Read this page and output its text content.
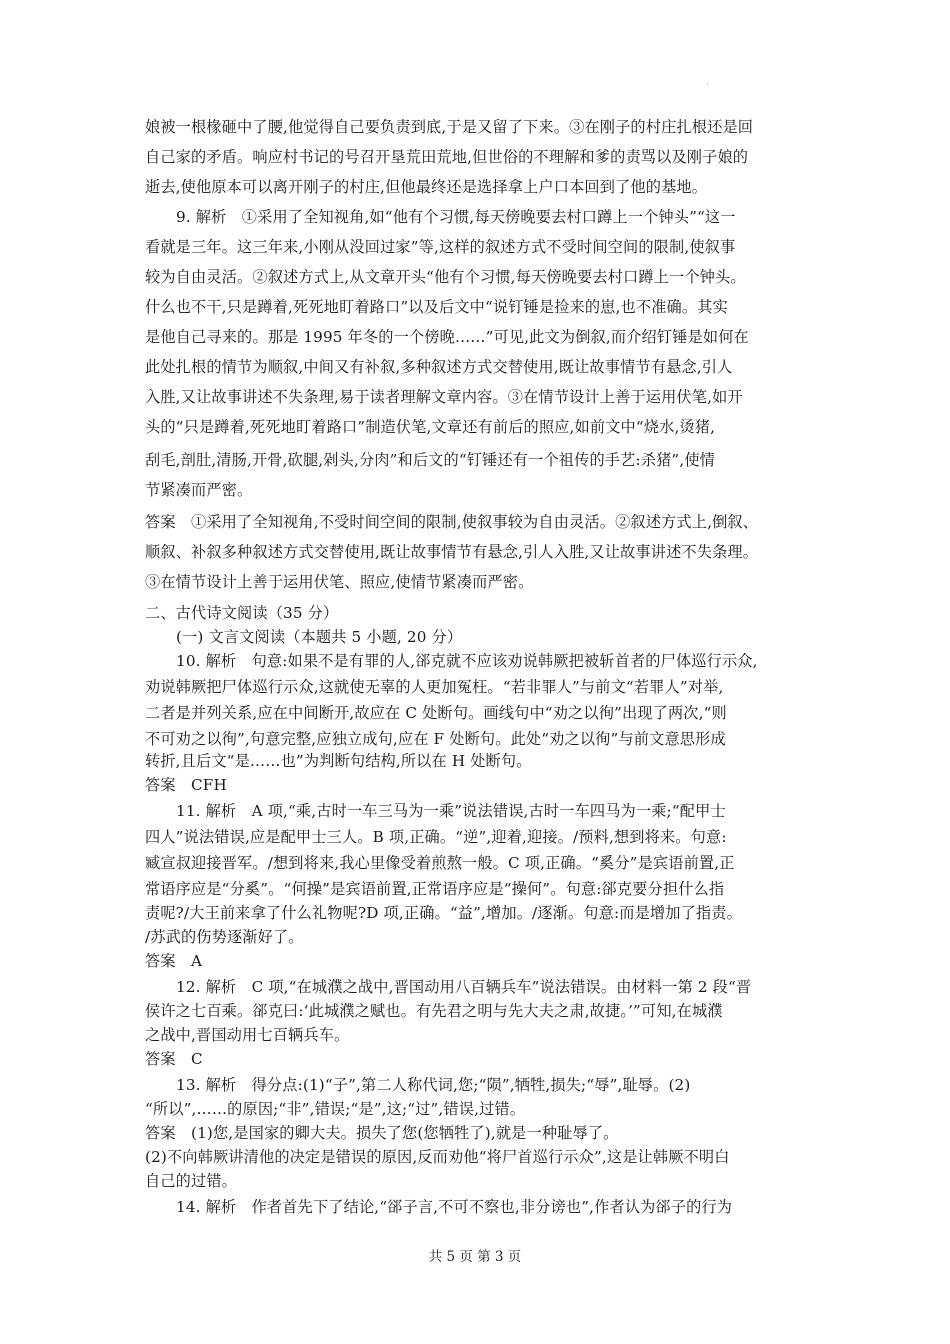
·
娘被一根椽砸中了腰,他觉得自己要负责到底,于是又留了下来。③在刚子的村庄扎根还是回
自己家的矛盾。响应村书记的号召开垦荒田荒地,但世俗的不理解和爹的责骂以及刚子娘的
逝去,使他原本可以离开刚子的村庄,但他最终还是选择拿上户口本回到了他的基地。
9. 解析　①采用了全知视角,如“他有个习惯,每天傍晚要去村口蹲上一个钟头”“这一
看就是三年。这三年来,小刚从没回过家”等,这样的叙述方式不受时间空间的限制,使叙事
较为自由灵活。②叙述方式上,从文章开头“他有个习惯,每天傍晚要去村口蹲上一个钟头。
什么也不干,只是蹲着,死死地盯着路口”以及后文中“说钉锤是捡来的崽,也不准确。其实
是他自己寻来的。那是 1995 年冬的一个傍晚……”可见,此文为倒叙,而介绍钉锤是如何在
此处扎根的情节为顺叙,中间又有补叙,多种叙述方式交替使用,既让故事情节有悬念,引人
入胜,又让故事讲述不失条理,易于读者理解文章内容。③在情节设计上善于运用伏笔,如开
头的“只是蹲着,死死地盯着路口”制造伏笔,文章还有前后的照应,如前文中“烧水,烫猪,
刮毛,剖肚,清肠,开骨,砍腿,剁头,分肉”和后文的“钉锤还有一个祖传的手艺:杀猪”,使情
节紧凑而严密。
答案　①采用了全知视角,不受时间空间的限制,使叙事较为自由灵活。②叙述方式上,倒叙、
顺叙、补叙多种叙述方式交替使用,既让故事情节有悬念,引人入胜,又让故事讲述不失条理。
③在情节设计上善于运用伏笔、照应,使情节紧凑而严密。
二、古代诗文阅读（35 分）
(一) 文言文阅读（本题共 5 小题, 20 分）
10. 解析　句意:如果不是有罪的人,郤克就不应该劝说韩厥把被斩首者的尸体巡行示众,
劝说韩厥把尸体巡行示众,这就使无辜的人更加冤枉。“若非罪人”与前文“若罪人”对举,
二者是并列关系,应在中间断开,故应在 C 处断句。画线句中“劝之以徇”出现了两次,“则
不可劝之以徇”,句意完整,应独立成句,应在 F 处断句。此处“劝之以徇”与前文意思形成
转折,且后文“是……也”为判断句结构,所以在 H 处断句。
答案　CFH
11. 解析　A 项,“乘,古时一车三马为一乘”说法错误,古时一车四马为一乘;“配甲士
四人”说法错误,应是配甲士三人。B 项,正确。“逆”,迎着,迎接。/预料,想到将来。句意:
臧宣叔迎接晋军。/想到将来,我心里像受着煎熬一般。C 项,正确。“奚分”是宾语前置,正
常语序应是“分奚”。“何操”是宾语前置,正常语序应是“操何”。句意:郤克要分担什么指
责呢?/大王前来拿了什么礼物呢?D 项,正确。“益”,增加。/逐渐。句意:而是增加了指责。
/苏武的伤势逐渐好了。
答案　A
12. 解析　C 项,“在城濮之战中,晋国动用八百辆兵车”说法错误。由材料一第 2 段“晋
侯许之七百乘。郤克曰:‘此城濮之赋也。有先君之明与先大夫之肃,故捷。’”可知,在城濮
之战中,晋国动用七百辆兵车。
答案　C
13. 解析　得分点:(1)“子”,第二人称代词,您;“陨”,牺牲,损失;“辱”,耻辱。(2)
“所以”,……的原因;“非”,错误;“是”,这;“过”,错误,过错。
答案　(1)您,是国家的卿大夫。损失了您(您牺牲了),就是一种耻辱了。
(2)不向韩厥讲清他的决定是错误的原因,反而劝他“将尸首巡行示众”,这是让韩厥不明白
自己的过错。
14. 解析　作者首先下了结论,“郤子言,不可不察也,非分谤也”,作者认为郤子的行为
共 5 页 第 3 页
